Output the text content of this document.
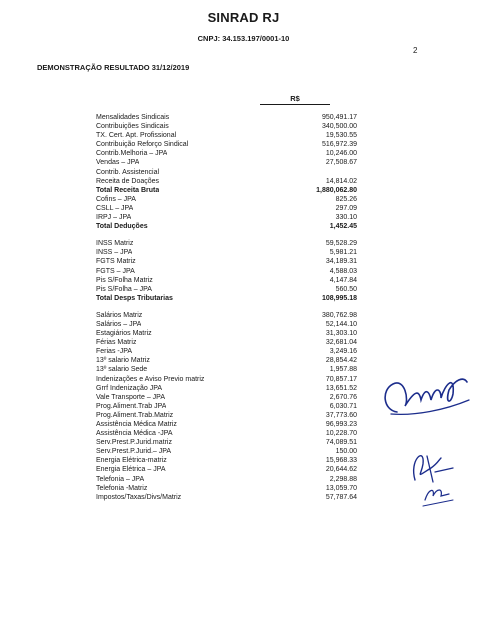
SINRAD RJ
CNPJ: 34.153.197/0001-10
2
DEMONSTRAÇÃO RESULTADO 31/12/2019
R$
Mensalidades Sindicais	950,491.17
Contribuições Sindicais	340,500.00
TX. Cert. Apt. Profissional	19,530.55
Contribuição Reforço Sindical	516,972.39
Contrib.Melhoria – JPA	10,246.00
Vendas – JPA	27,508.67
Contrib. Assistencial
Receita de Doações	14,814.02
Total Receita Bruta	1,880,062.80
Cofins – JPA	825.26
CSLL – JPA	297.09
IRPJ – JPA	330.10
Total Deduções	1,452.45
INSS Matriz	59,528.29
INSS – JPA	5,981.21
FGTS Matriz	34,189.31
FGTS – JPA	4,588.03
Pis S/Folha Matriz	4,147.84
Pis S/Folha – JPA	560.50
Total Desps Tributarias	108,995.18
Salários Matriz	380,762.98
Salários – JPA	52,144.10
Estagiários Matriz	31,303.10
Férias Matriz	32,681.04
Ferias -JPA	3,249.16
13º salario Matriz	28,854.42
13º salario Sede	1,957.88
Indenizações e Aviso Previo matriz	70,857.17
Grrf Indenização JPA	13,651.52
Vale Transporte – JPA	2,670.76
Prog.Aliment.Trab JPA	6,030.71
Prog.Aliment.Trab.Matriz	37,773.60
Assistência Médica Matriz	96,993.23
Assistência Médica -JPA	10,228.70
Serv.Prest.P.Jurid.matriz	74,089.51
Serv.Prest.P.Jurid.– JPA	150.00
Energia Elétrica-matriz	15,968.33
Energia Elétrica – JPA	20,644.62
Telefonia – JPA	2,298.88
Telefonia -Matriz	13,059.70
Impostos/Taxas/Divs/Matriz	57,787.64
